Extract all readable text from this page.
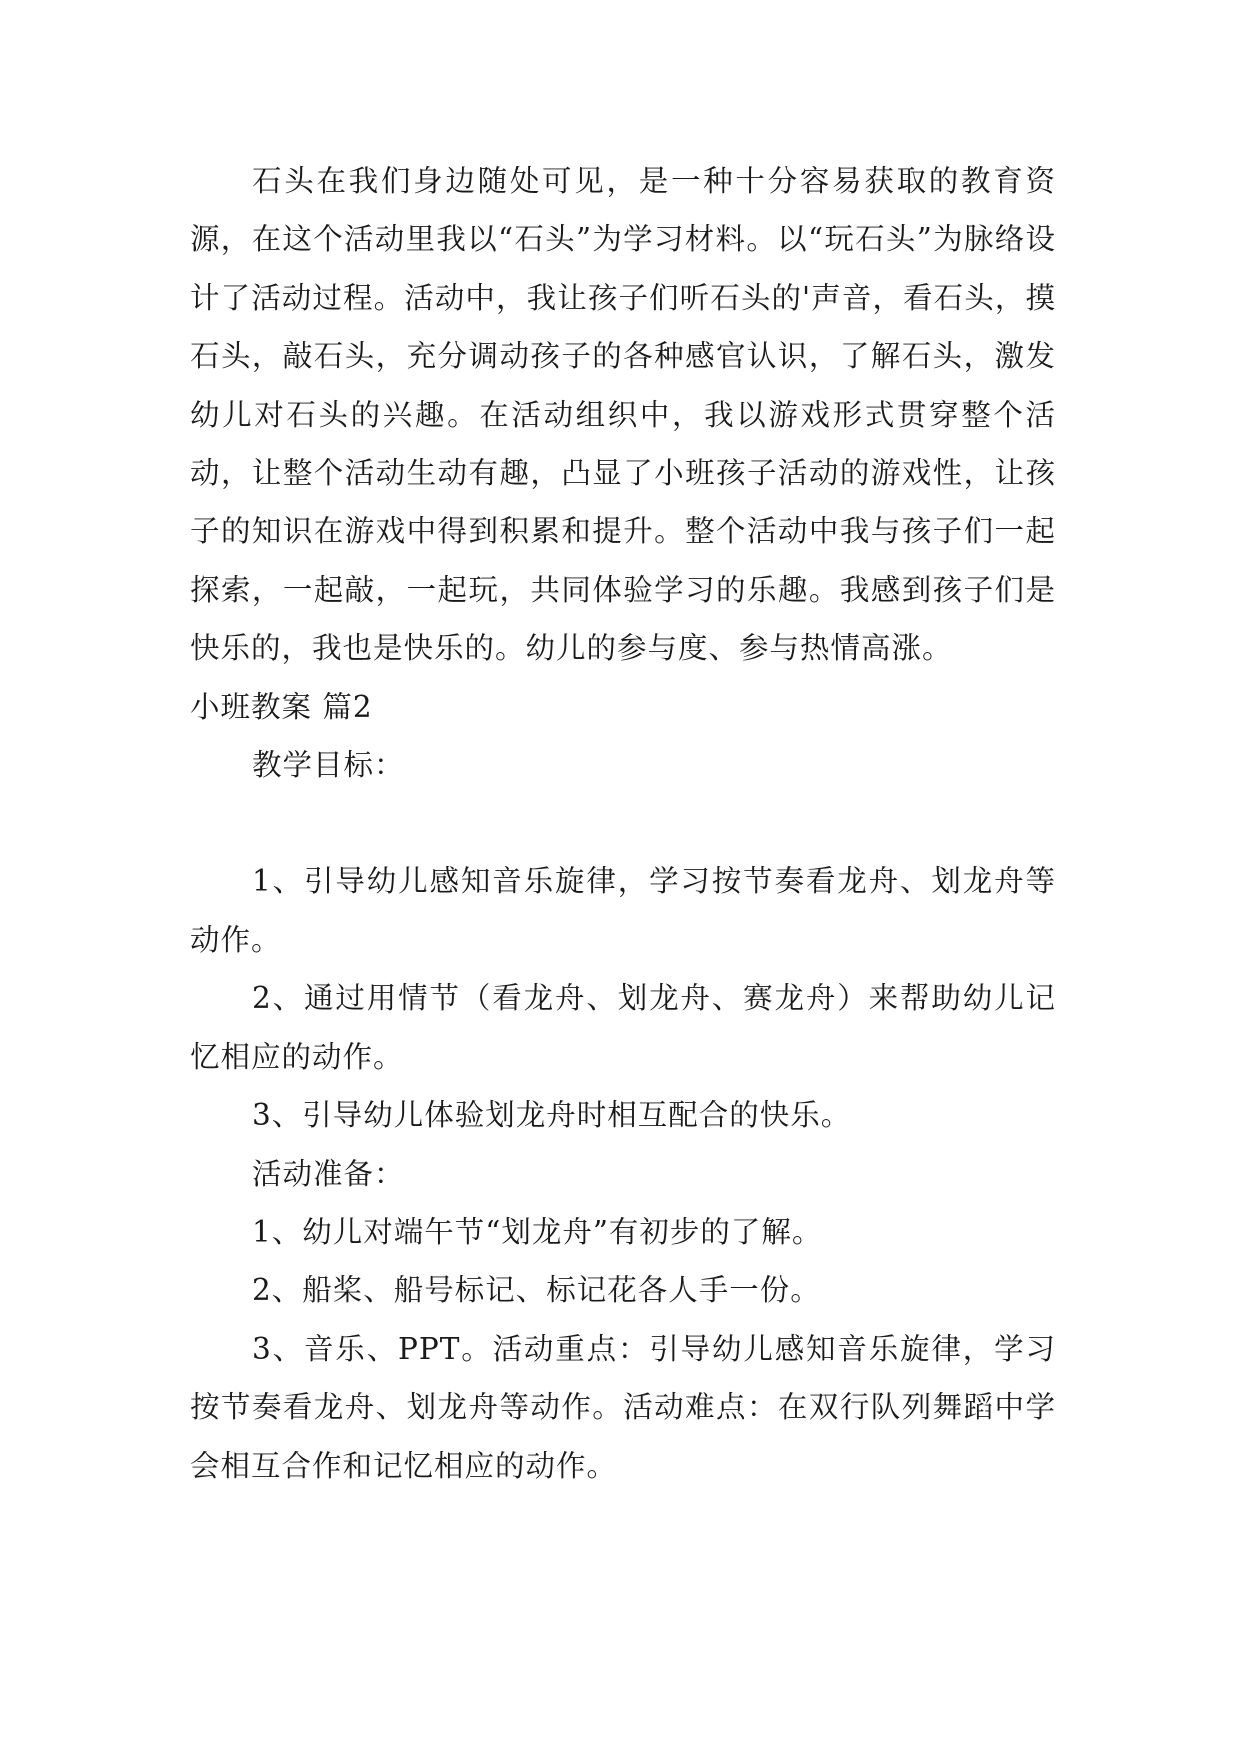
石头在我们身边随处可见，是一种十分容易获取的教育资源，在这个活动里我以“石头”为学习材料。以“玩石头”为脉络设计了活动过程。活动中，我让孩子们听石头的'声音，看石头，摸石头，敲石头，充分调动孩子的各种感官认识，了解石头，激发幼儿对石头的兴趣。在活动组织中，我以游戏形式贯穿整个活动，让整个活动生动有趣，凸显了小班孩子活动的游戏性，让孩子的知识在游戏中得到积累和提升。整个活动中我与孩子们一起探索，一起敲，一起玩，共同体验学习的乐趣。我感到孩子们是快乐的，我也是快乐的。幼儿的参与度、参与热情高涨。

小班教案 篇2

教学目标：

1、引导幼儿感知音乐旋律，学习按节奏看龙舟、划龙舟等动作。

2、通过用情节（看龙舟、划龙舟、赛龙舟）来帮助幼儿记忆相应的动作。

3、引导幼儿体验划龙舟时相互配合的快乐。

活动准备：

1、幼儿对端午节“划龙舟”有初步的了解。

2、船桨、船号标记、标记花各人手一份。

3、音乐、PPT。活动重点：引导幼儿感知音乐旋律，学习按节奏看龙舟、划龙舟等动作。活动难点：在双行队列舞蹈中学会相互合作和记忆相应的动作。
